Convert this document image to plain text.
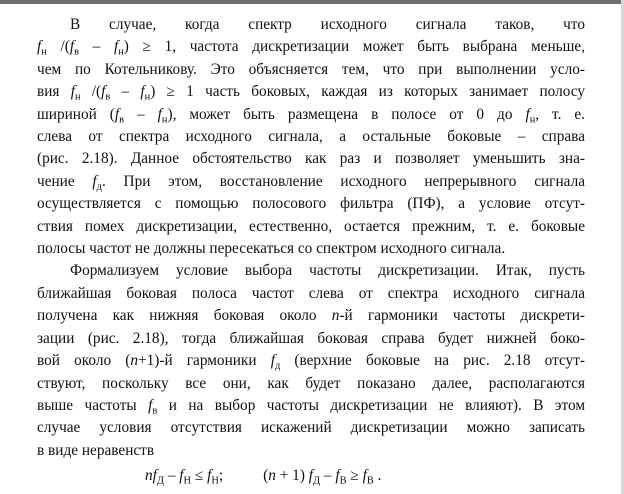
В случае, когда спектр исходного сигнала таков, что

$f_н$ $/(f_в - f_н) \ge 1$, частота дискретизации может быть выбрана меньше,

чем по Котельникову. Это объясняется тем, что при выполнении усло-

вия $f_н$ $/(f_в - f_н) \ge 1$ часть боковых, каждая из которых занимает полосу

шириной $(f_в - f_н)$, может быть размещена в полосе от 0 до $f_н$, т. е.

слева от спектра исходного сигнала, а остальные боковые – справа

(рис. 2.18). Данное обстоятельство как раз и позволяет уменьшить зна-

чение $f_д$. При этом, восстановление исходного непрерывного сигнала

осуществляется с помощью полосового фильтра (ПФ), а условие отсут-

ствия помех дискретизации, естественно, остается прежним, т. е. боковые

полосы частот не должны пересекаться со спектром исходного сигнала.

Формализуем условие выбора частоты дискретизации. Итак, пусть

ближайшая боковая полоса частот слева от спектра исходного сигнала

получена как нижняя боковая около n-й гармоники частоты дискрети-

зации (рис. 2.18), тогда ближайшая боковая справа будет нижней боко-

вой около (n+1)-й гармоники $f_д$ (верхние боковые на рис. 2.18 отсут-

ствуют, поскольку все они, как будет показано далее, располагаются

выше частоты $f_в$ и на выбор частоты дискретизации не влияют). В этом

случае условия отсутствия искажений дискретизации можно записать

в виде неравенств

$nf_Д - f_Н \le f_Н$;	(n + 1) $f_Д - f_В \ge f_В$ .
